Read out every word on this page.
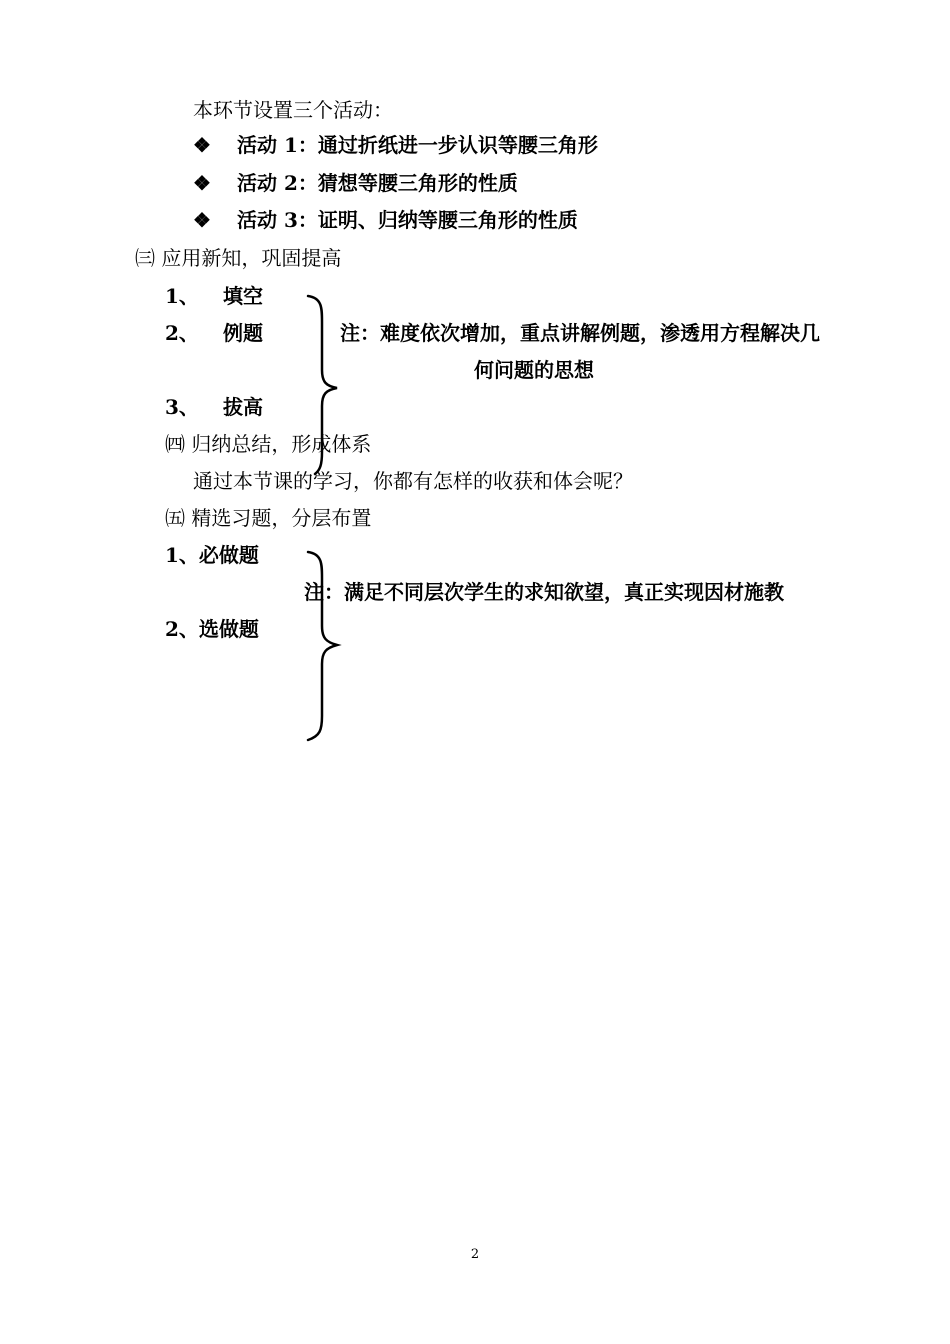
本环节设置三个活动：
❖ 活动 1：通过折纸进一步认识等腰三角形
❖ 活动 2：猜想等腰三角形的性质
❖ 活动 3：证明、归纳等腰三角形的性质
㈢ 应用新知，巩固提高
1、 填空
2、 例题
3、 拔高
注：难度依次增加，重点讲解例题，渗透用方程解决几
何问题的思想
㈣ 归纳总结，形成体系
通过本节课的学习，你都有怎样的收获和体会呢？
㈤ 精选习题，分层布置
1、必做题
注：满足不同层次学生的求知欲望，真正实现因材施教
2、选做题
2
